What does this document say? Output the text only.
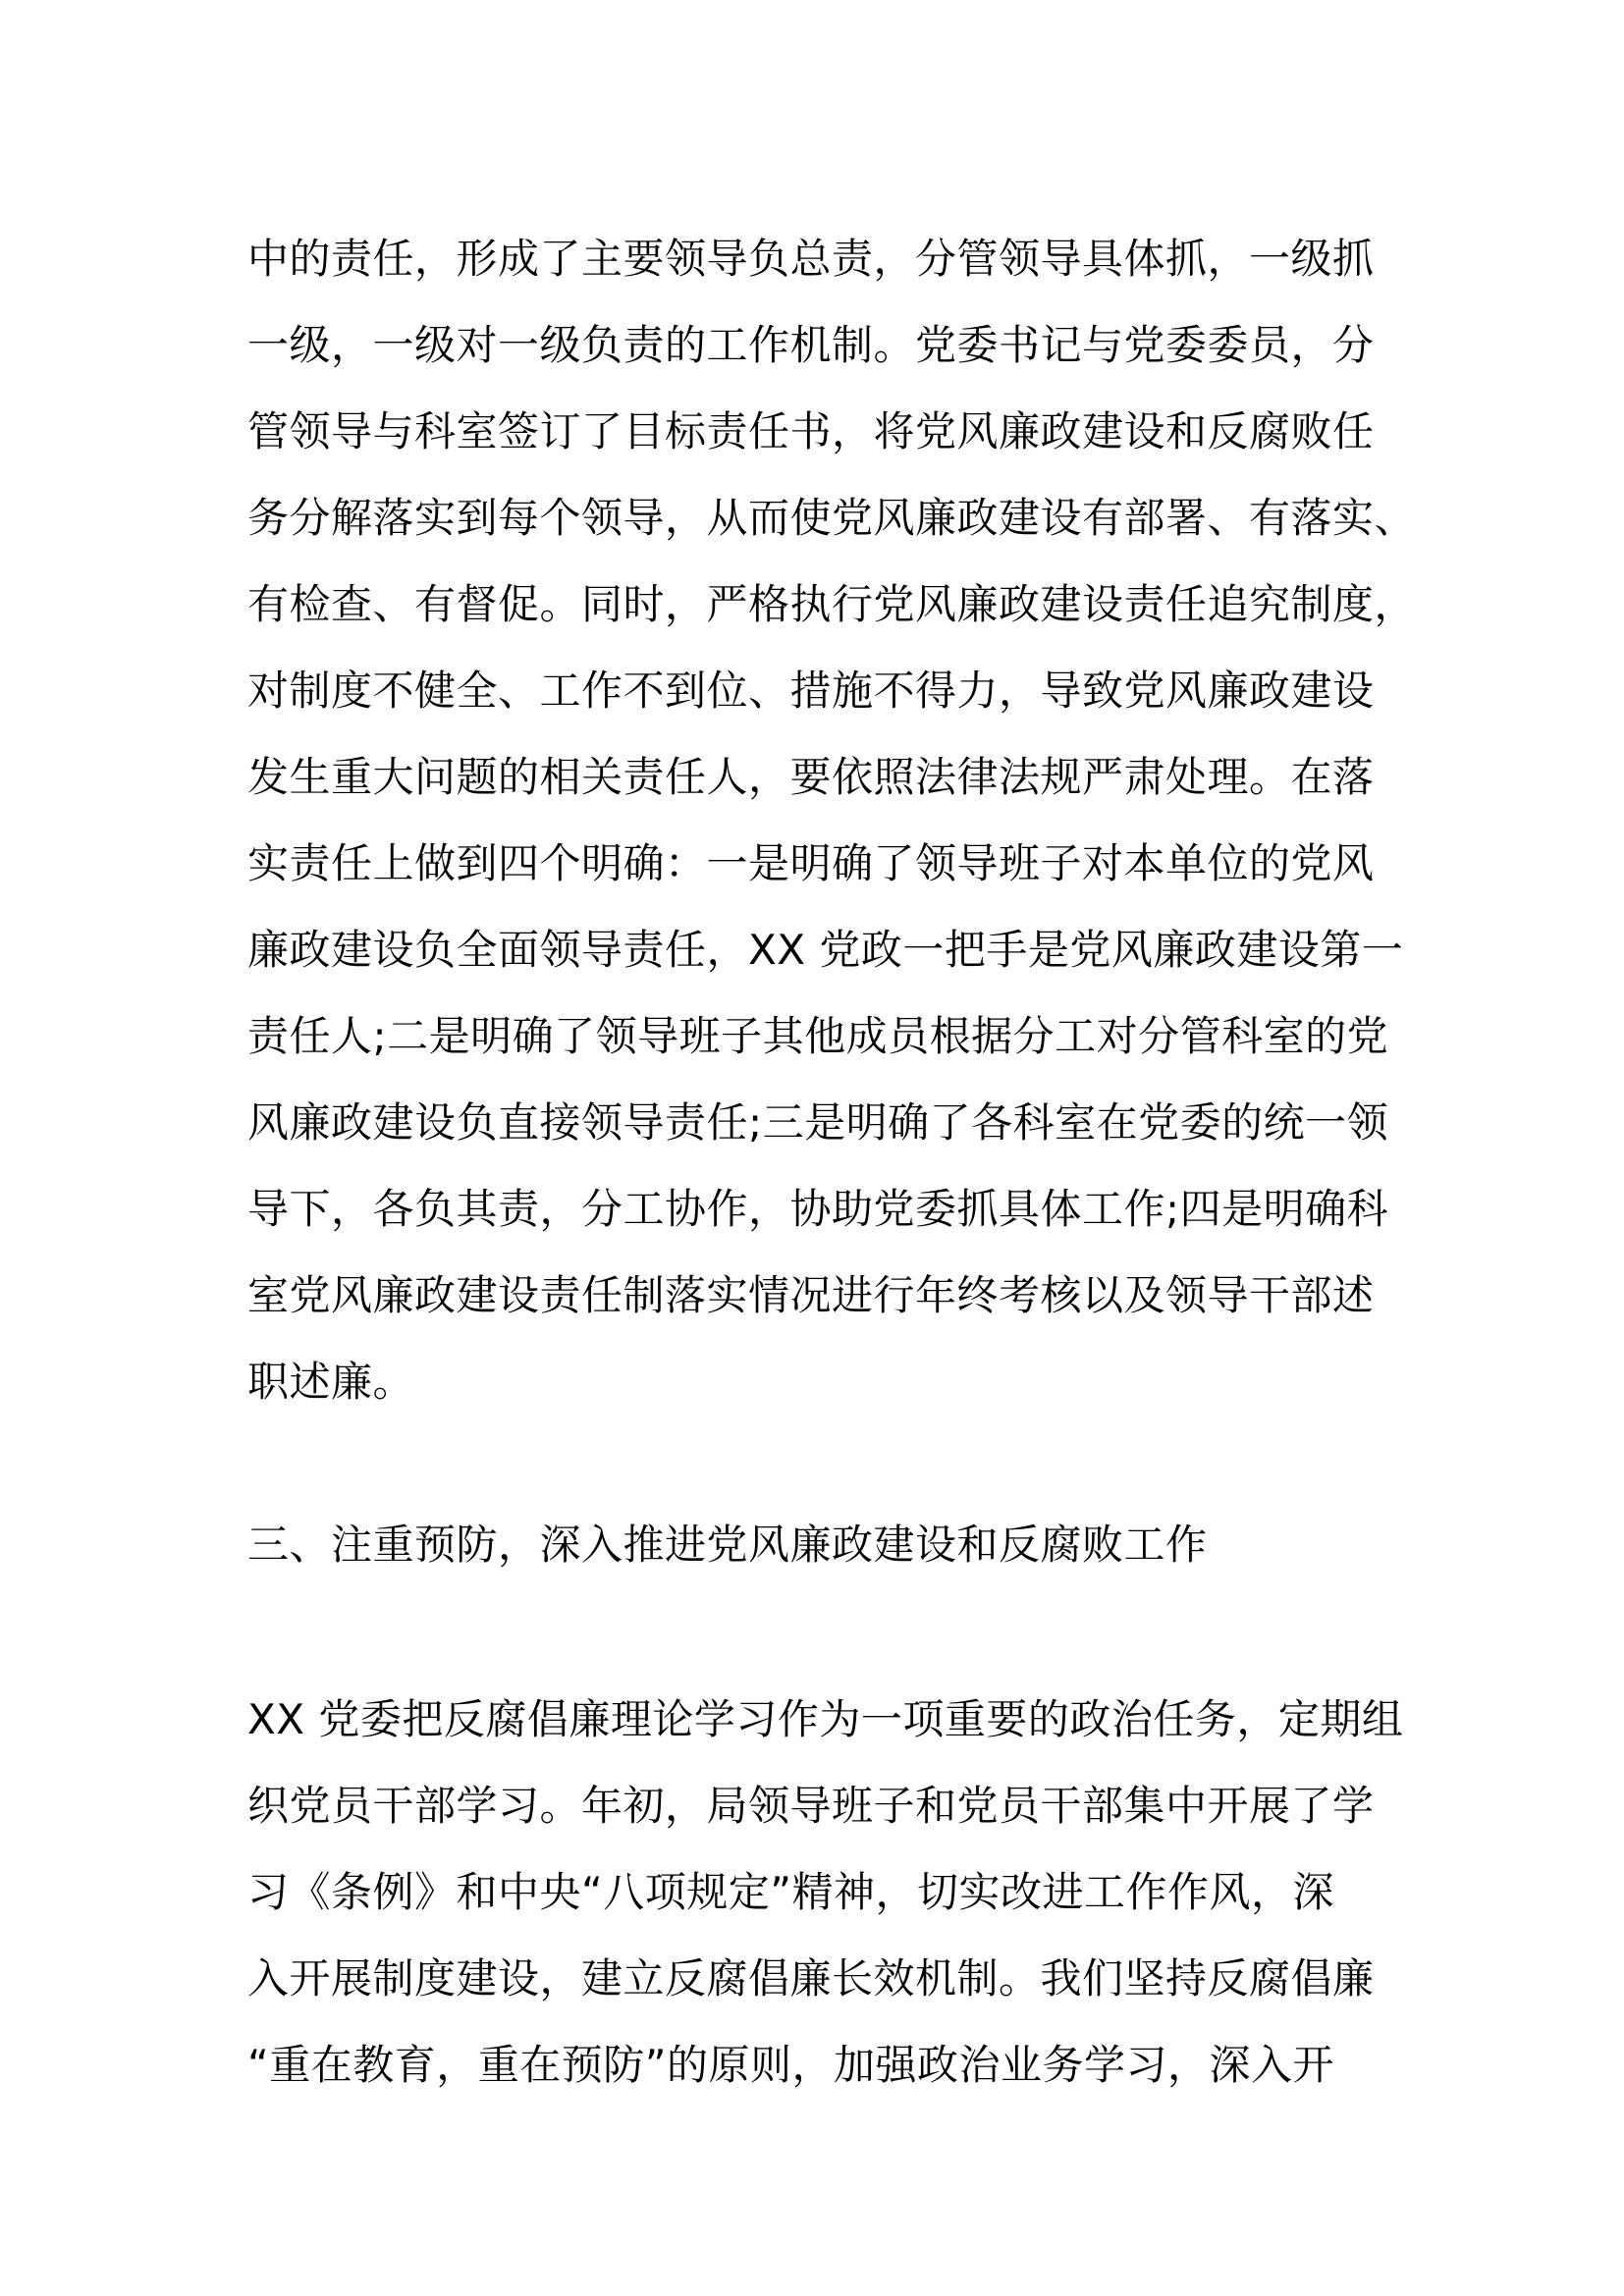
中的责任，形成了主要领导负总责，分管领导具体抓，一级抓
一级，一级对一级负责的工作机制。党委书记与党委委员，分
管领导与科室签订了目标责任书，将党风廉政建设和反腐败任
务分解落实到每个领导，从而使党风廉政建设有部署、有落实、
有检查、有督促。同时，严格执行党风廉政建设责任追究制度，
对制度不健全、工作不到位、措施不得力，导致党风廉政建设
发生重大问题的相关责任人，要依照法律法规严肃处理。在落
实责任上做到四个明确：一是明确了领导班子对本单位的党风
廉政建设负全面领导责任，XX 党政一把手是党风廉政建设第一
责任人;二是明确了领导班子其他成员根据分工对分管科室的党
风廉政建设负直接领导责任;三是明确了各科室在党委的统一领
导下，各负其责，分工协作，协助党委抓具体工作;四是明确科
室党风廉政建设责任制落实情况进行年终考核以及领导干部述
职述廉。
三、注重预防，深入推进党风廉政建设和反腐败工作
XX 党委把反腐倡廉理论学习作为一项重要的政治任务，定期组
织党员干部学习。年初，局领导班子和党员干部集中开展了学
习《条例》和中央“八项规定”精神，切实改进工作作风，深
入开展制度建设，建立反腐倡廉长效机制。我们坚持反腐倡廉
“重在教育，重在预防”的原则，加强政治业务学习，深入开
